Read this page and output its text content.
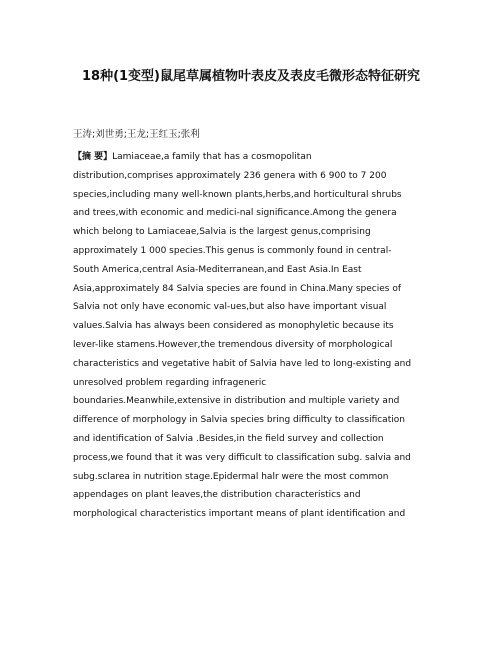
18种(1变型)鼠尾草属植物叶表皮及表皮毛微形态特征研究
王涛;刘世勇;王龙;王红玉;张利
【摘 要】Lamiaceae,a family that has a cosmopolitan
distribution,comprises approximately 236 genera with 6 900 to 7 200
species,including many well-known plants,herbs,and horticultural shrubs
and trees,with economic and medici-nal significance.Among the genera
which belong to Lamiaceae,Salvia is the largest genus,comprising
approximately 1 000 species.This genus is commonly found in central-
South America,central Asia-Mediterranean,and East Asia.In East
Asia,approximately 84 Salvia species are found in China.Many species of
Salvia not only have economic val-ues,but also have important visual
values.Salvia has always been considered as monophyletic because its
lever-like stamens.However,the tremendous diversity of morphological
characteristics and vegetative habit of Salvia have led to long-existing and
unresolved problem regarding infrageneric
boundaries.Meanwhile,extensive in distribution and multiple variety and
difference of morphology in Salvia species bring difficulty to classification
and identification of Salvia .Besides,in the field survey and collection
process,we found that it was very difficult to classification subg. salvia and
subg.sclarea in nutrition stage.Epidermal halr were the most common
appendages on plant leaves,the distribution characteristics and
morphological characteristics important means of plant identification and
